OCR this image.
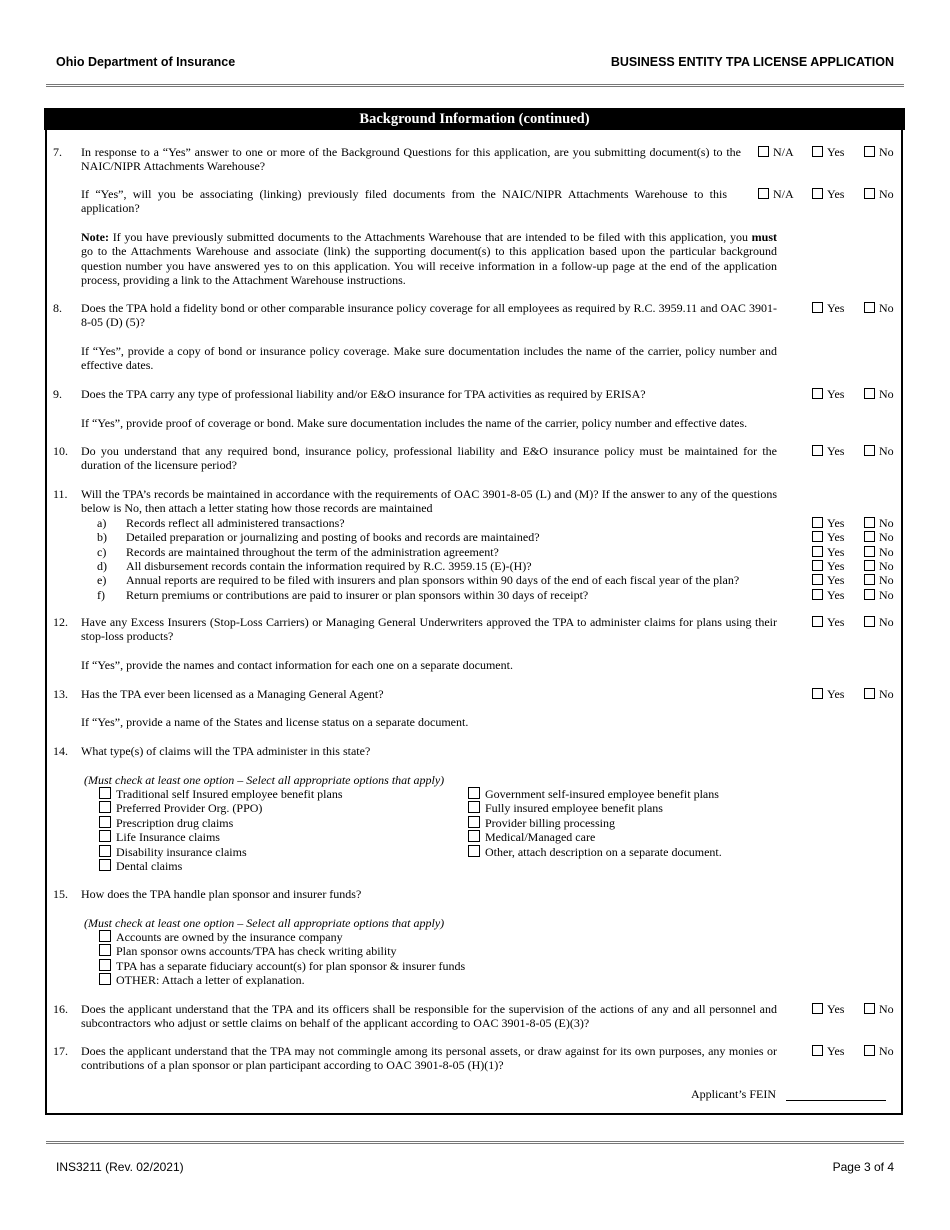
Ohio Department of Insurance	BUSINESS ENTITY TPA LICENSE APPLICATION
Background Information (continued)
7. In response to a “Yes” answer to one or more of the Background Questions for this application, are you submitting document(s) to the NAIC/NIPR Attachments Warehouse?
N/A	Yes	No
If “Yes”, will you be associating (linking) previously filed documents from the NAIC/NIPR Attachments Warehouse to this application?
N/A	Yes	No
Note: If you have previously submitted documents to the Attachments Warehouse that are intended to be filed with this application, you must go to the Attachments Warehouse and associate (link) the supporting document(s) to this application based upon the particular background question number you have answered yes to on this application. You will receive information in a follow-up page at the end of the application process, providing a link to the Attachment Warehouse instructions.
8. Does the TPA hold a fidelity bond or other comparable insurance policy coverage for all employees as required by R.C. 3959.11 and OAC 3901-8-05 (D) (5)?
Yes	No
If “Yes”, provide a copy of bond or insurance policy coverage. Make sure documentation includes the name of the carrier, policy number and effective dates.
9. Does the TPA carry any type of professional liability and/or E&O insurance for TPA activities as required by ERISA?	Yes	No
If “Yes”, provide proof of coverage or bond. Make sure documentation includes the name of the carrier, policy number and effective dates.
10. Do you understand that any required bond, insurance policy, professional liability and E&O insurance policy must be maintained for the duration of the licensure period?
Yes	No
11. Will the TPA’s records be maintained in accordance with the requirements of OAC 3901-8-05 (L) and (M)? If the answer to any of the questions below is No, then attach a letter stating how those records are maintained
a) Records reflect all administered transactions?	Yes	No
b) Detailed preparation or journalizing and posting of books and records are maintained?	Yes	No
c) Records are maintained throughout the term of the administration agreement?	Yes	No
d) All disbursement records contain the information required by R.C. 3959.15 (E)-(H)?	Yes	No
e) Annual reports are required to be filed with insurers and plan sponsors within 90 days of the end of each fiscal year of the plan?	Yes	No
f) Return premiums or contributions are paid to insurer or plan sponsors within 30 days of receipt?	Yes	No
12. Have any Excess Insurers (Stop-Loss Carriers) or Managing General Underwriters approved the TPA to administer claims for plans using their stop-loss products?
Yes	No
If “Yes”, provide the names and contact information for each one on a separate document.
13. Has the TPA ever been licensed as a Managing General Agent?	Yes	No
If “Yes”, provide a name of the States and license status on a separate document.
14. What type(s) of claims will the TPA administer in this state?
(Must check at least one option – Select all appropriate options that apply)
Traditional self Insured employee benefit plans
Preferred Provider Org. (PPO)
Prescription drug claims
Life Insurance claims
Disability insurance claims
Dental claims
Government self-insured employee benefit plans
Fully insured employee benefit plans
Provider billing processing
Medical/Managed care
Other, attach description on a separate document.
15. How does the TPA handle plan sponsor and insurer funds?
(Must check at least one option – Select all appropriate options that apply)
Accounts are owned by the insurance company
Plan sponsor owns accounts/TPA has check writing ability
TPA has a separate fiduciary account(s) for plan sponsor & insurer funds
OTHER: Attach a letter of explanation.
16. Does the applicant understand that the TPA and its officers shall be responsible for the supervision of the actions of any and all personnel and subcontractors who adjust or settle claims on behalf of the applicant according to OAC 3901-8-05 (E)(3)?
Yes	No
17. Does the applicant understand that the TPA may not commingle among its personal assets, or draw against for its own purposes, any monies or contributions of a plan sponsor or plan participant according to OAC 3901-8-05 (H)(1)?
Yes	No
Applicant’s FEIN
INS3211 (Rev. 02/2021)	Page 3 of 4
